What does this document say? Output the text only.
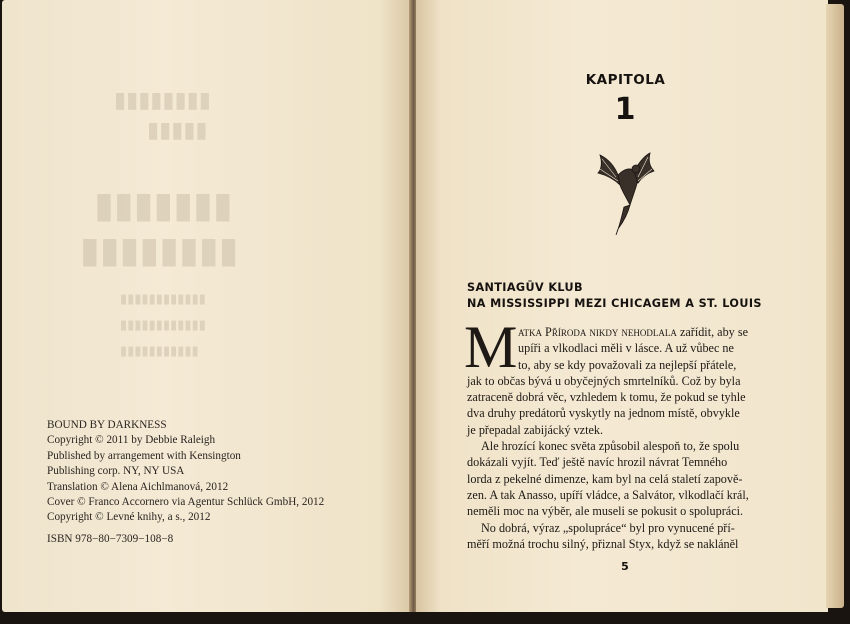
▮▮▮▮▮▮▮▮
▮▮▮▮▮
▮▮▮▮▮▮▮
▮▮▮▮▮▮▮▮
▮▮▮▮▮▮▮▮▮▮▮▮
▮▮▮▮▮▮▮▮▮▮▮▮
▮▮▮▮▮▮▮▮▮▮▮
BOUND BY DARKNESS
Copyright © 2011 by Debbie Raleigh
Published by arrangement with Kensington
Publishing corp. NY, NY USA
Translation © Alena Aichlmanová, 2012
Cover © Franco Accornero via Agentur Schlück GmbH, 2012
Copyright © Levné knihy, a s., 2012
ISBN 978−80−7309−108−8
KAPITOLA
1
SANTIAGŪV KLUB
NA MISSISSIPPI MEZI CHICAGEM A ST. LOUIS
M atka Příroda nikdy nehodlala zařídit, aby se
upíři a vlkodlaci měli v lásce. A už vůbec ne
to, aby se kdy považovali za nejlepší přátele,
jak to občas bývá u obyčejných smrtelníků. Což by byla
zatraceně dobrá věc, vzhledem k tomu, že pokud se tyhle
dva druhy predátorů vyskytly na jednom místě, obvykle
je přepadal zabijácký vztek.
Ale hrozící konec světa způsobil alespoň to, že spolu
dokázali vyjít. Teď ještě navíc hrozil návrat Temného
lorda z pekelné dimenze, kam byl na celá staletí zapově-
zen. A tak Anasso, upíří vládce, a Salvátor, vlkodlačí král,
neměli moc na výběr, ale museli se pokusit o spolupráci.
No dobrá, výraz „spolupráce“ byl pro vynucené pří-
měří možná trochu silný, přiznal Styx, když se nakláněl
5
